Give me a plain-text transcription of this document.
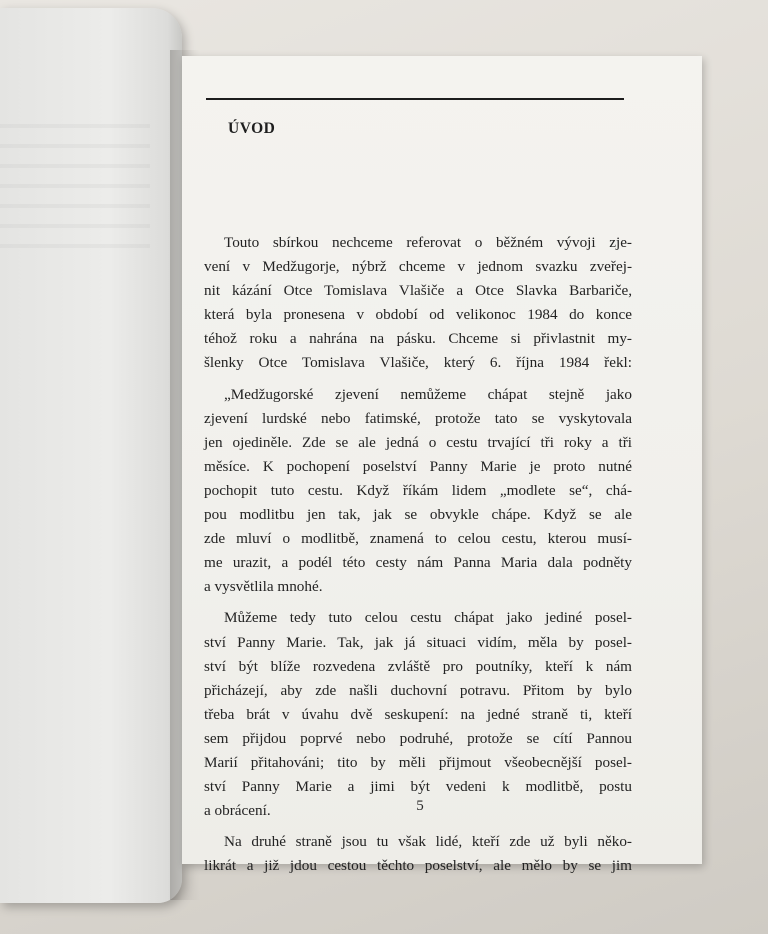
ÚVOD

Touto sbírkou nechceme referovat o běžném vývoji zje-
vení v Medžugorje, nýbrž chceme v jednom svazku zveřej-
nit kázání Otce Tomislava Vlašiče a Otce Slavka Barbariče,
která byla pronesena v období od velikonoc 1984 do konce
téhož roku a nahrána na pásku. Chceme si přivlastnit my-
šlenky Otce Tomislava Vlašiče, který 6. října 1984 řekl:

„Medžugorské zjevení nemůžeme chápat stejně jako
zjevení lurdské nebo fatimské, protože tato se vyskytovala
jen ojediněle. Zde se ale jedná o cestu trvající tři roky a tři
měsíce. K pochopení poselství Panny Marie je proto nutné
pochopit tuto cestu. Když říkám lidem „modlete se“, chá-
pou modlitbu jen tak, jak se obvykle chápe. Když se ale
zde mluví o modlitbě, znamená to celou cestu, kterou musí-
me urazit, a podél této cesty nám Panna Maria dala podněty
a vysvětlila mnohé.

Můžeme tedy tuto celou cestu chápat jako jediné posel-
ství Panny Marie. Tak, jak já situaci vidím, měla by posel-
ství být blíže rozvedena zvláště pro poutníky, kteří k nám
přicházejí, aby zde našli duchovní potravu. Přitom by bylo
třeba brát v úvahu dvě seskupení: na jedné straně ti, kteří
sem přijdou poprvé nebo podruhé, protože se cítí Pannou
Marií přitahováni; tito by měli přijmout všeobecnější posel-
ství Panny Marie a jimi být vedeni k modlitbě, postu
a obrácení.

Na druhé straně jsou tu však lidé, kteří zde už byli něko-
likrát a již jdou cestou těchto poselství, ale mělo by se jim

5
